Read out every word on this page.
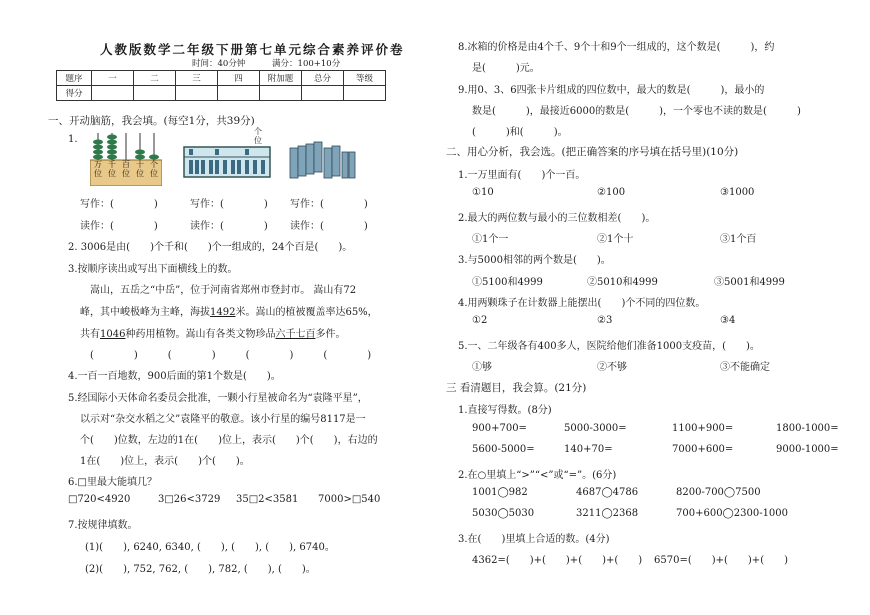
人教版数学二年级下册第七单元综合素养评价卷
时间：40分钟	满分：100+10分
题序	一	二	三	四	附加题	总分	等级
得分							
一、开动脑筋，我会填。(每空1分，共39分)
1.
万位
千位
百位
十位
个位
个位
写作：(　　　　)	写作：(　　　　) 写作：(　　　　)
读作：(　　　　)	读作：(　　　　) 读作：(　　　　)
2. 3006是由(　　)个千和(　　)个一组成的，24个百是(　　)。
3.按顺序读出或写出下面横线上的数。
嵩山，五岳之“中岳”，位于河南省郑州市登封市。 嵩山有72
峰，其中峻极峰为主峰，海拔1492米。嵩山的植被覆盖率达65%，
共有1046种药用植物。嵩山有各类文物珍品六千七百多件。
(　　　　)　　　(　　　　)　　　(　　　　)　　　(　　　　)
4.一百一百地数，900后面的第1个数是(　　)。
5.经国际小天体命名委员会批准，一颗小行星被命名为“袁隆平星”，
以示对“杂交水稻之父”袁隆平的敬意。该小行星的编号8117是一
个(　　)位数，左边的1在(　　)位上，表示(　　)个(　　)，右边的
1在(　　)位上，表示(　　)个(　　)。
6.□里最大能填几？
□720<4920	3□26<3729 35□2<3581 7000>□540
7.按规律填数。
(1)(　　), 6240, 6340, (　　), (　　), (　　), 6740。
(2)(　　), 752, 762, (　　), 782, (　　), (　　)。
8.冰箱的价格是由4个千、9个十和9个一组成的，这个数是(　　　)，约
是(　　　)元。
9.用0、3、6四张卡片组成的四位数中，最大的数是(　　　)，最小的
数是(　　　)，最接近6000的数是(　　　)，一个零也不读的数是(　　　)
(　　　)和(　　　)。
二、用心分析，我会选。(把正确答案的序号填在括号里)(10分)
1.一万里面有(　　)个一百。
①10	②100	③1000
2.最大的两位数与最小的三位数相差(　　)。
①1个一	②1个十	③1个百
3.与5000相邻的两个数是(　　)。
①5100和4999	②5010和4999	③5001和4999
4.用两颗珠子在计数器上能摆出(　　)个不同的四位数。
①2	②3	③4
5.一、二年级各有400多人，医院给他们准备1000支疫苗，(　　)。
①够	②不够	③不能确定
三 看清题目，我会算。(21分)
1.直接写得数。(8分)
900+700=	5000-3000=	1100+900=	1800-1000=
5600-5000=	140+70=	7000+600=	9000-1000=
2.在○里填上“>”“<”或“=”。(6分)
1001◯982	4687◯4786	8200-700◯7500
5030◯5030	3211◯2368	700+600◯2300-1000
3.在(　　)里填上合适的数。(4分)
4362=(　　)+(　　)+(　　)+(　　) 6570=(　　)+(　　)+(　　)
